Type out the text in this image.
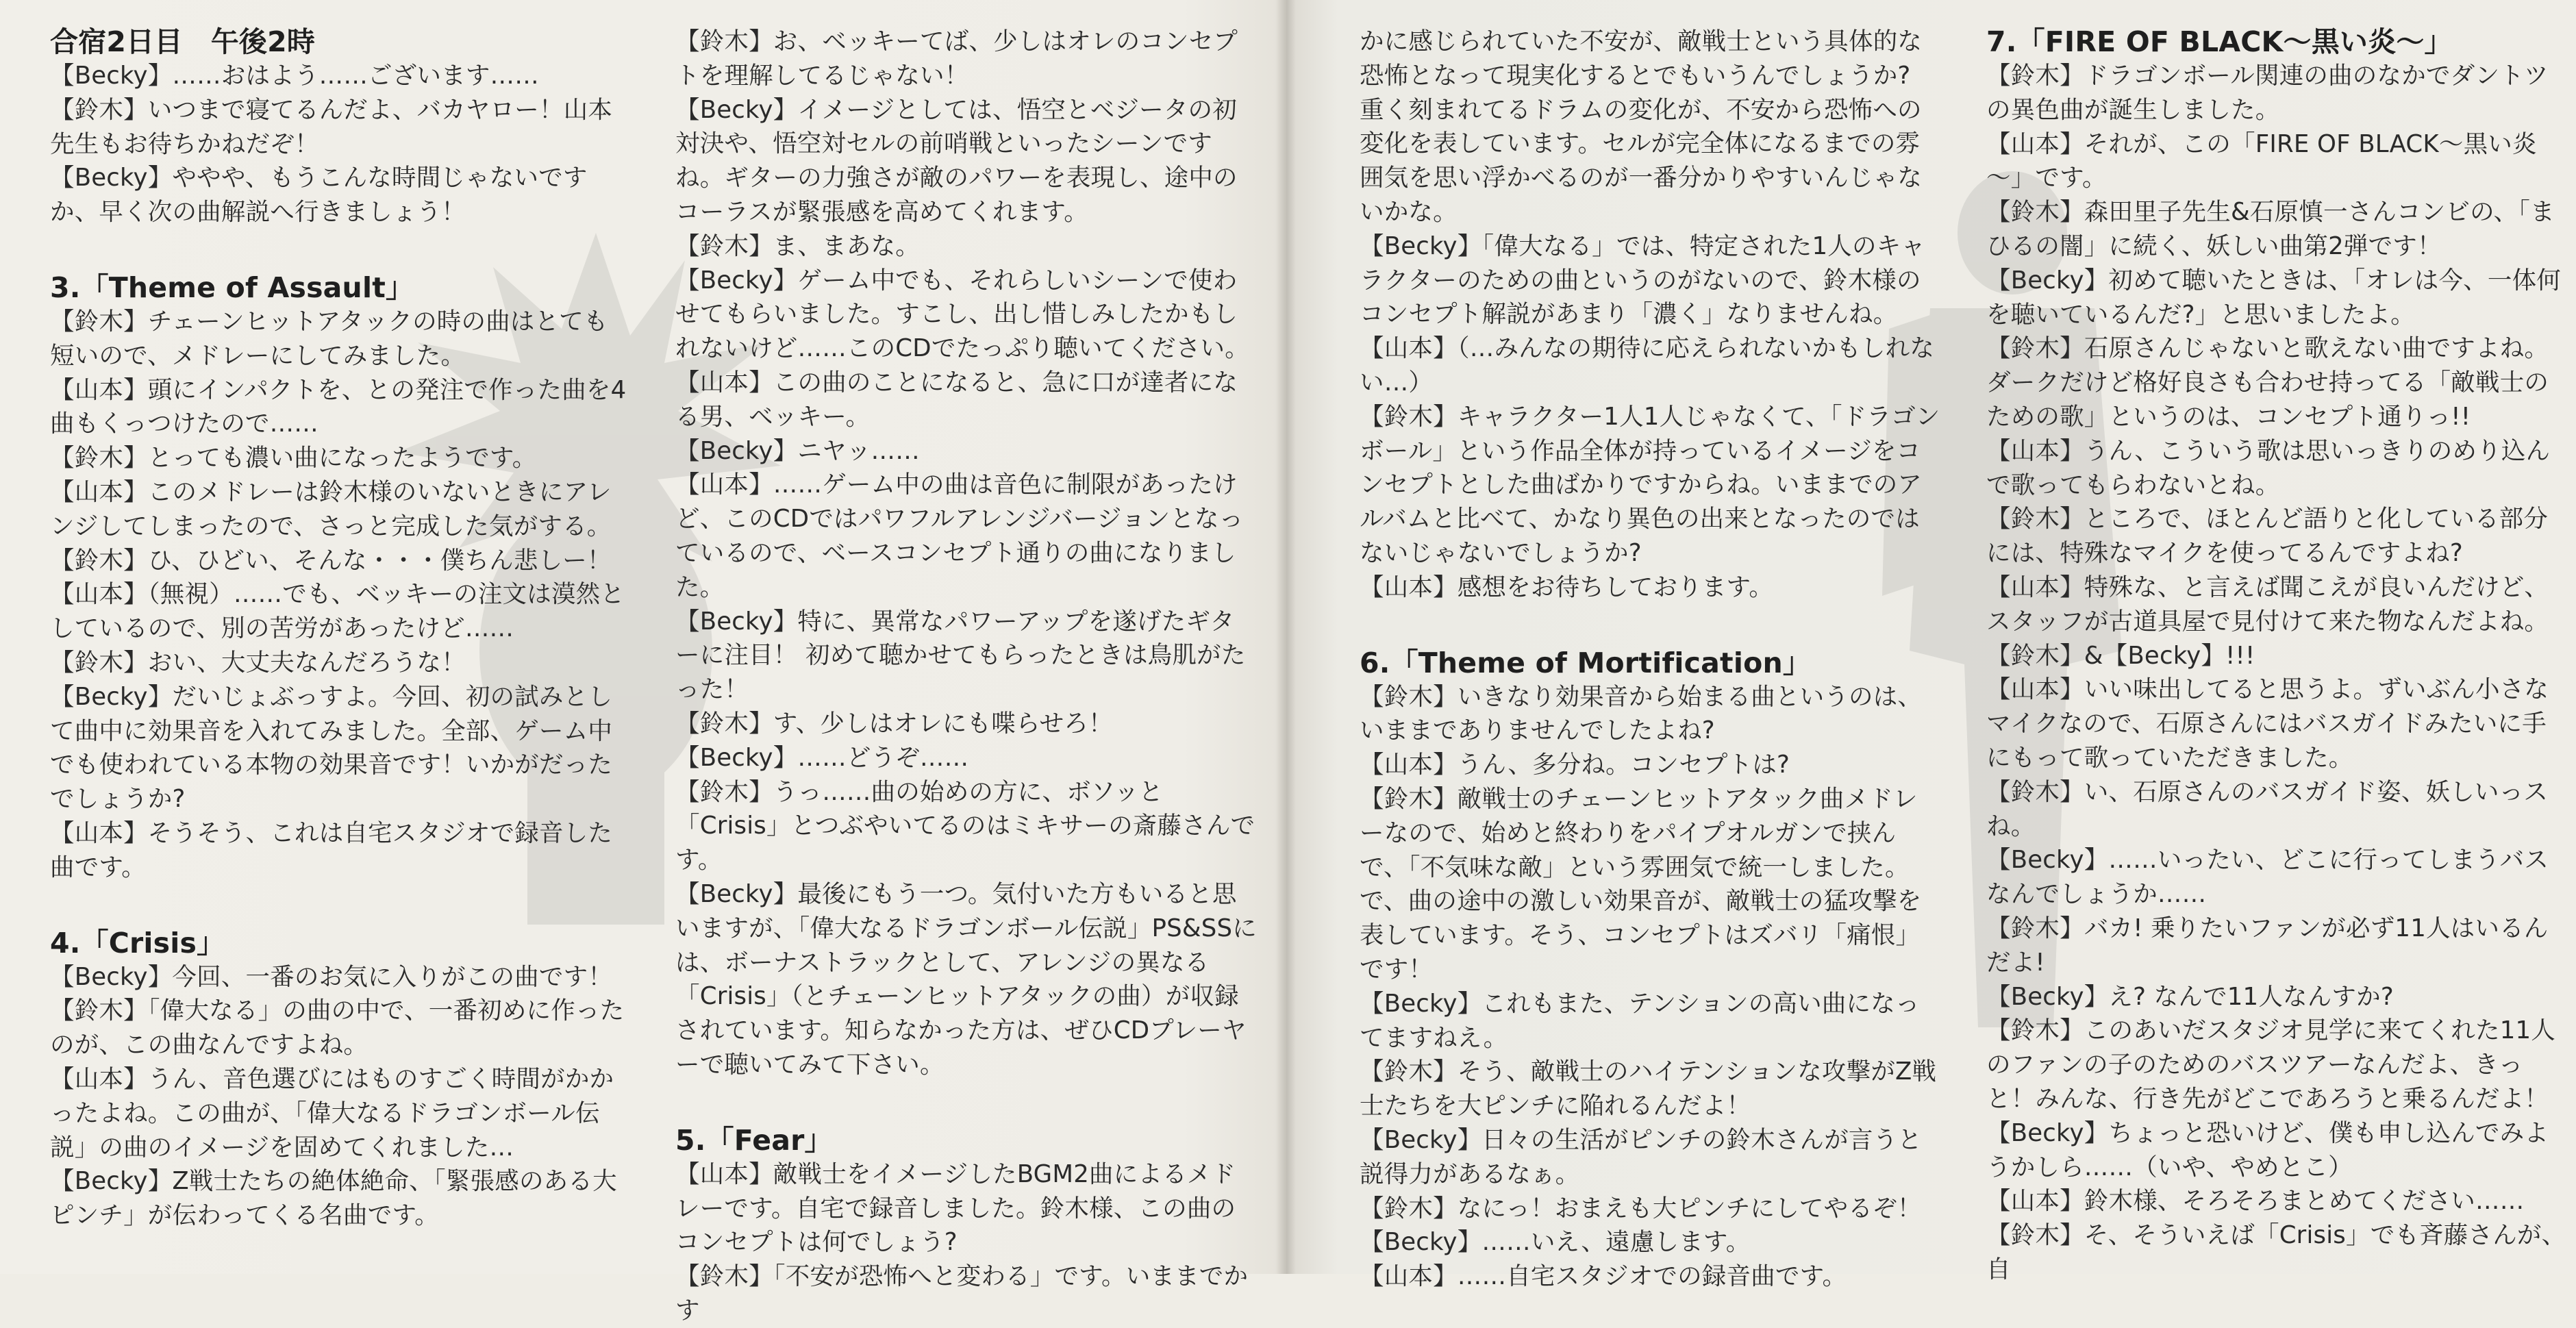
合宿2日目　午後2時

【Becky】……おはよう……ございます……

【鈴木】いつまで寝てるんだよ、バカヤロー！山本先生もお待ちかねだぞ！

【Becky】ややや、もうこんな時間じゃないですか、早く次の曲解説へ行きましょう！

3.「Theme of Assault」

【鈴木】チェーンヒットアタックの時の曲はとても短いので、メドレーにしてみました。

【山本】頭にインパクトを、との発注で作った曲を4曲もくっつけたので……

【鈴木】とっても濃い曲になったようです。

【山本】このメドレーは鈴木様のいないときにアレンジしてしまったので、さっと完成した気がする。

【鈴木】ひ、ひどい、そんな・・・僕ちん悲しー！

【山本】（無視）……でも、ベッキーの注文は漠然としているので、別の苦労があったけど……

【鈴木】おい、大丈夫なんだろうな！

【Becky】だいじょぶっすよ。今回、初の試みとして曲中に効果音を入れてみました。全部、ゲーム中でも使われている本物の効果音です！いかがだったでしょうか?

【山本】そうそう、これは自宅スタジオで録音した曲です。

4.「Crisis」

【Becky】今回、一番のお気に入りがこの曲です！

【鈴木】「偉大なる」の曲の中で、一番初めに作ったのが、この曲なんですよね。

【山本】うん、音色選びにはものすごく時間がかかったよね。この曲が、「偉大なるドラゴンボール伝説」の曲のイメージを固めてくれました…

【Becky】Z戦士たちの絶体絶命、「緊張感のある大ピンチ」が伝わってくる名曲です。

【鈴木】お、ベッキーてば、少しはオレのコンセプトを理解してるじゃない！

【Becky】イメージとしては、悟空とベジータの初対決や、悟空対セルの前哨戦といったシーンですね。ギターの力強さが敵のパワーを表現し、途中のコーラスが緊張感を高めてくれます。

【鈴木】ま、まあな。

【Becky】ゲーム中でも、それらしいシーンで使わせてもらいました。すこし、出し惜しみしたかもしれないけど……このCDでたっぷり聴いてください。

【山本】この曲のことになると、急に口が達者になる男、ベッキー。

【Becky】ニヤッ……

【山本】……ゲーム中の曲は音色に制限があったけど、このCDではパワフルアレンジバージョンとなっているので、ベースコンセプト通りの曲になりました。

【Becky】特に、異常なパワーアップを遂げたギターに注目！ 初めて聴かせてもらったときは鳥肌がたった！

【鈴木】す、少しはオレにも喋らせろ！

【Becky】……どうぞ……

【鈴木】うっ……曲の始めの方に、ボソッと「Crisis」とつぶやいてるのはミキサーの斎藤さんです。

【Becky】最後にもう一つ。気付いた方もいると思いますが、「偉大なるドラゴンボール伝説」PS&SSには、ボーナストラックとして、アレンジの異なる「Crisis」（とチェーンヒットアタックの曲）が収録されています。知らなかった方は、ぜひCDプレーヤーで聴いてみて下さい。

5.「Fear」

【山本】敵戦士をイメージしたBGM2曲によるメドレーです。自宅で録音しました。鈴木様、この曲のコンセプトは何でしょう?

【鈴木】「不安が恐怖へと変わる」です。いままでかす

かに感じられていた不安が、敵戦士という具体的な恐怖となって現実化するとでもいうんでしょうか? 重く刻まれてるドラムの変化が、不安から恐怖への変化を表しています。セルが完全体になるまでの雰囲気を思い浮かべるのが一番分かりやすいんじゃないかな。

【Becky】「偉大なる」では、特定された1人のキャラクターのための曲というのがないので、鈴木様のコンセプト解説があまり「濃く」なりませんね。

【山本】（…みんなの期待に応えられないかもしれない…）

【鈴木】キャラクター1人1人じゃなくて、「ドラゴンボール」という作品全体が持っているイメージをコンセプトとした曲ばかりですからね。いままでのアルバムと比べて、かなり異色の出来となったのではないじゃないでしょうか?

【山本】感想をお待ちしております。

6.「Theme of Mortification」

【鈴木】いきなり効果音から始まる曲というのは、いままでありませんでしたよね?

【山本】うん、多分ね。コンセプトは?

【鈴木】敵戦士のチェーンヒットアタック曲メドレーなので、始めと終わりをパイプオルガンで挟んで、「不気味な敵」という雰囲気で統一しました。で、曲の途中の激しい効果音が、敵戦士の猛攻撃を表しています。そう、コンセプトはズバリ「痛恨」です！

【Becky】これもまた、テンションの高い曲になってますねえ。

【鈴木】そう、敵戦士のハイテンションな攻撃がZ戦士たちを大ピンチに陥れるんだよ！

【Becky】日々の生活がピンチの鈴木さんが言うと説得力があるなぁ。

【鈴木】なにっ！おまえも大ピンチにしてやるぞ！

【Becky】……いえ、遠慮します。

【山本】……自宅スタジオでの録音曲です。

7.「FIRE OF BLACK～黒い炎～」

【鈴木】ドラゴンボール関連の曲のなかでダントツの異色曲が誕生しました。

【山本】それが、この「FIRE OF BLACK～黒い炎～」です。

【鈴木】森田里子先生&石原慎一さんコンビの、「まひるの闇」に続く、妖しい曲第2弾です！

【Becky】初めて聴いたときは、「オレは今、一体何を聴いているんだ?」と思いましたよ。

【鈴木】石原さんじゃないと歌えない曲ですよね。ダークだけど格好良さも合わせ持ってる「敵戦士のための歌」というのは、コンセプト通りっ!!

【山本】うん、こういう歌は思いっきりのめり込んで歌ってもらわないとね。

【鈴木】ところで、ほとんど語りと化している部分には、特殊なマイクを使ってるんですよね?

【山本】特殊な、と言えば聞こえが良いんだけど、スタッフが古道具屋で見付けて来た物なんだよね。

【鈴木】&【Becky】!!!

【山本】いい味出してると思うよ。ずいぶん小さなマイクなので、石原さんにはバスガイドみたいに手にもって歌っていただきました。

【鈴木】い、石原さんのバスガイド姿、妖しいっスね。

【Becky】……いったい、どこに行ってしまうバスなんでしょうか……

【鈴木】バカ! 乗りたいファンが必ず11人はいるんだよ!

【Becky】え? なんで11人なんすか?

【鈴木】このあいだスタジオ見学に来てくれた11人のファンの子のためのバスツアーなんだよ、きっと！みんな、行き先がどこであろうと乗るんだよ！

【Becky】ちょっと恐いけど、僕も申し込んでみようかしら……（いや、やめとこ）

【山本】鈴木様、そろそろまとめてください……

【鈴木】そ、そういえば「Crisis」でも斉藤さんが、自
